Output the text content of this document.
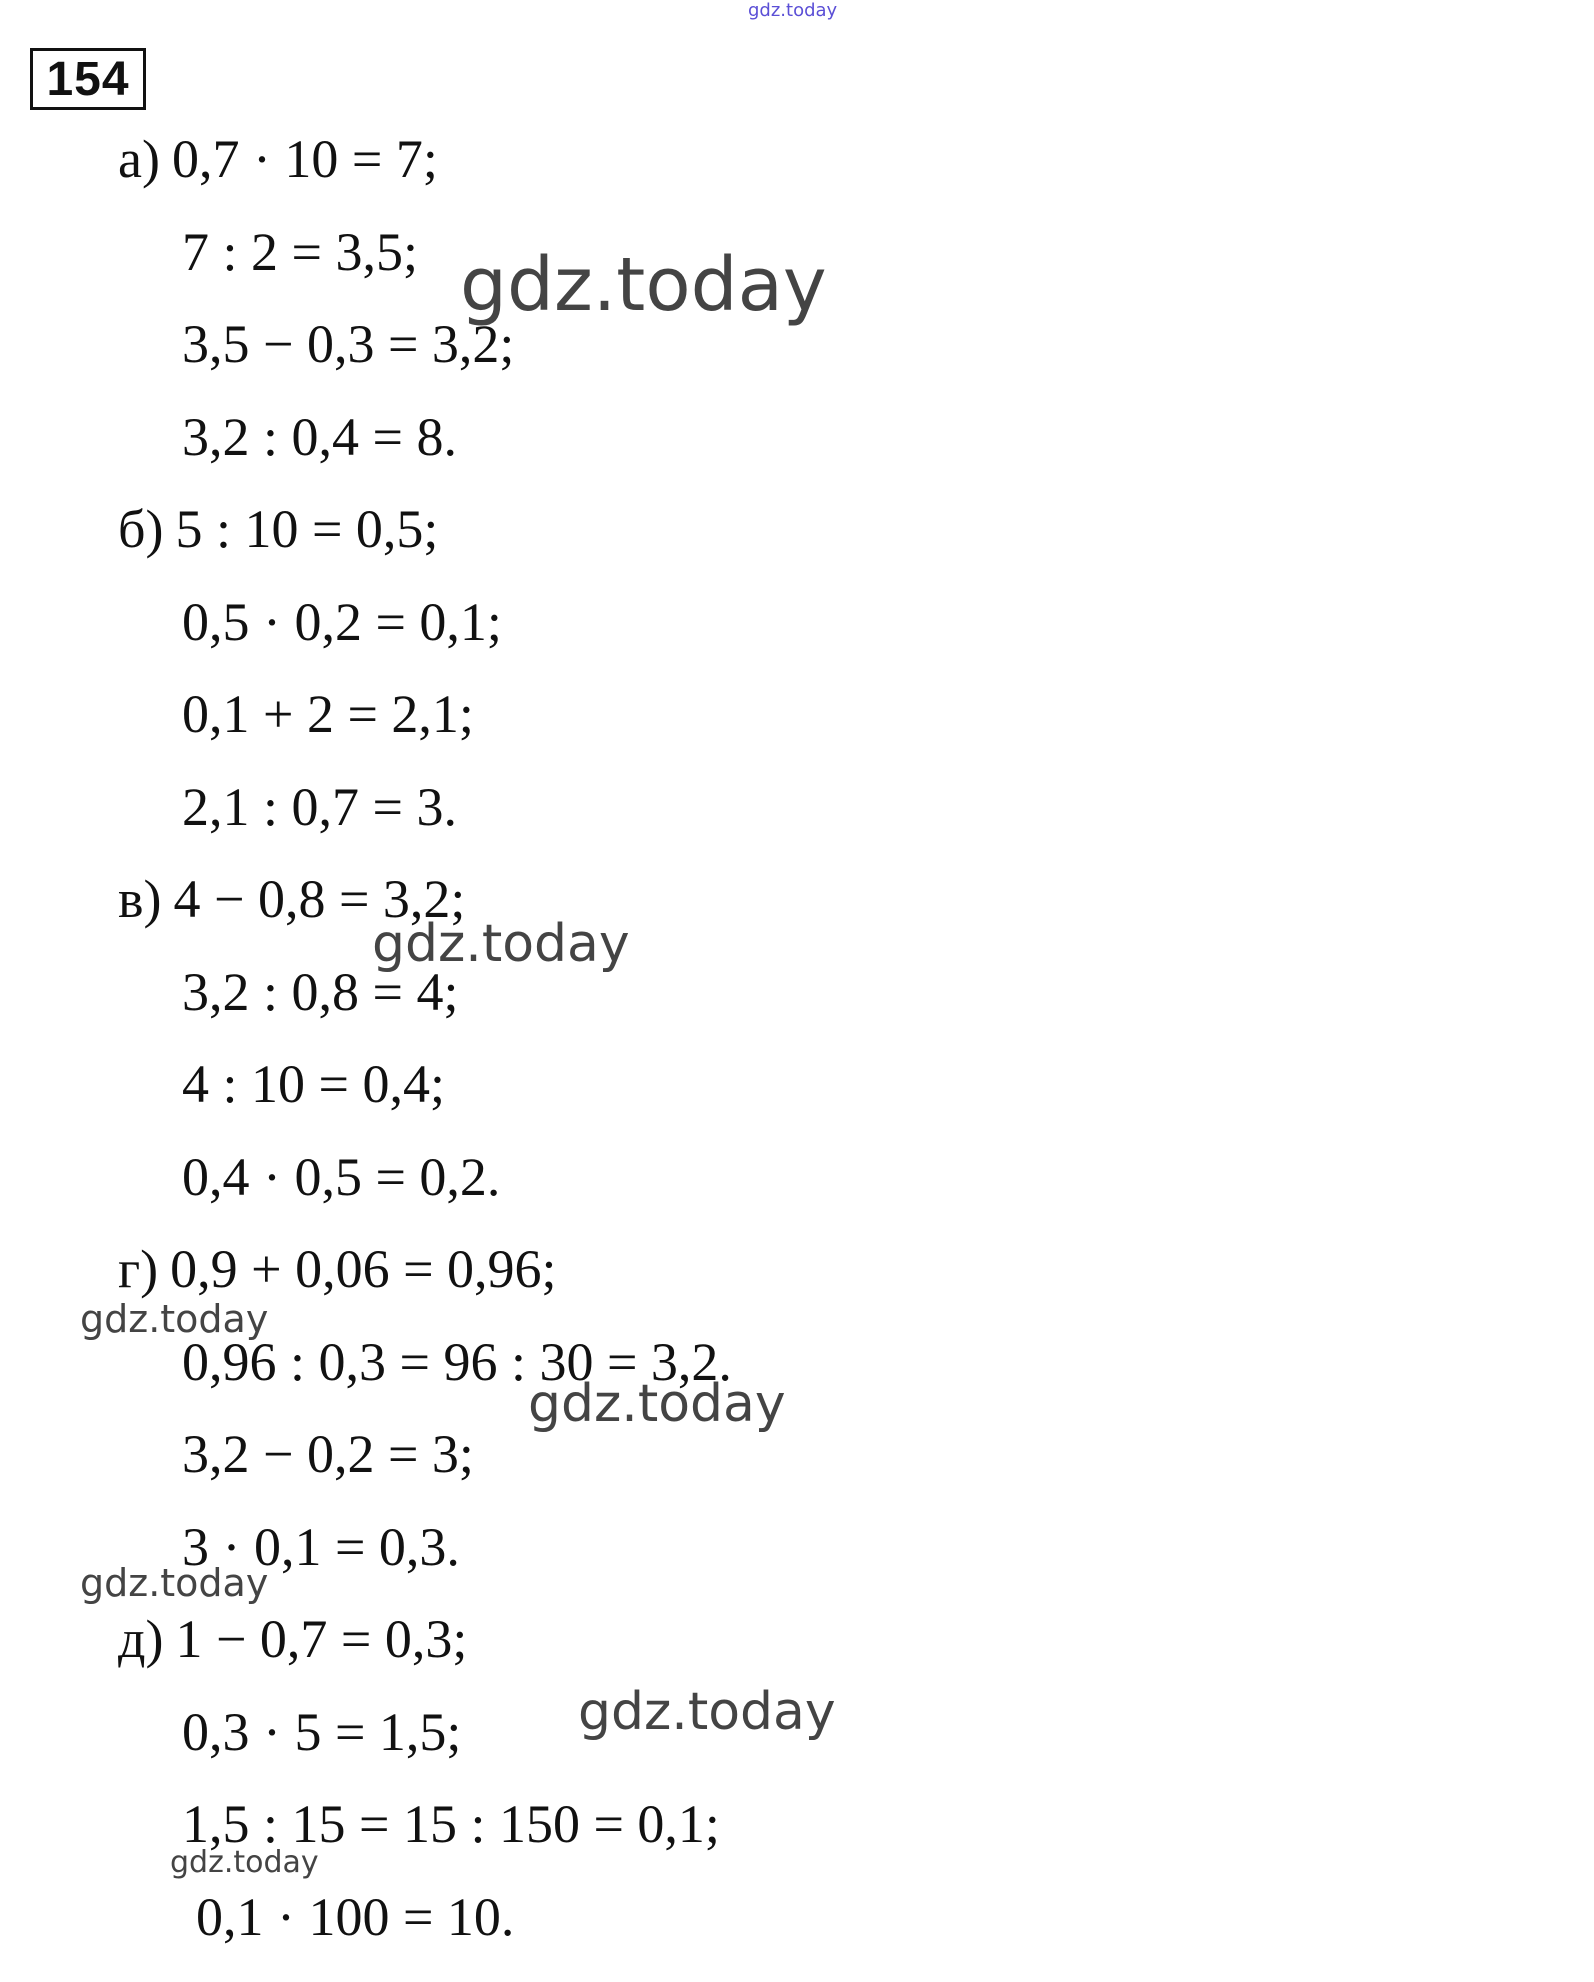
gdz.today
154
а) 0,7 · 10 = 7;
7 : 2 = 3,5;
3,5 − 0,3 = 3,2;
3,2 : 0,4 = 8.
б) 5 : 10 = 0,5;
0,5 · 0,2 = 0,1;
0,1 + 2 = 2,1;
2,1 : 0,7 = 3.
в) 4 − 0,8 = 3,2;
3,2 : 0,8 = 4;
4 : 10 = 0,4;
0,4 · 0,5 = 0,2.
г) 0,9 + 0,06 = 0,96;
0,96 : 0,3 = 96 : 30 = 3,2.
3,2 − 0,2 = 3;
3 · 0,1 = 0,3.
д) 1 − 0,7 = 0,3;
0,3 · 5 = 1,5;
1,5 : 15 = 15 : 150 = 0,1;
0,1 · 100 = 10.
gdz.today
gdz.today
gdz.today
gdz.today
gdz.today
gdz.today
gdz.today
